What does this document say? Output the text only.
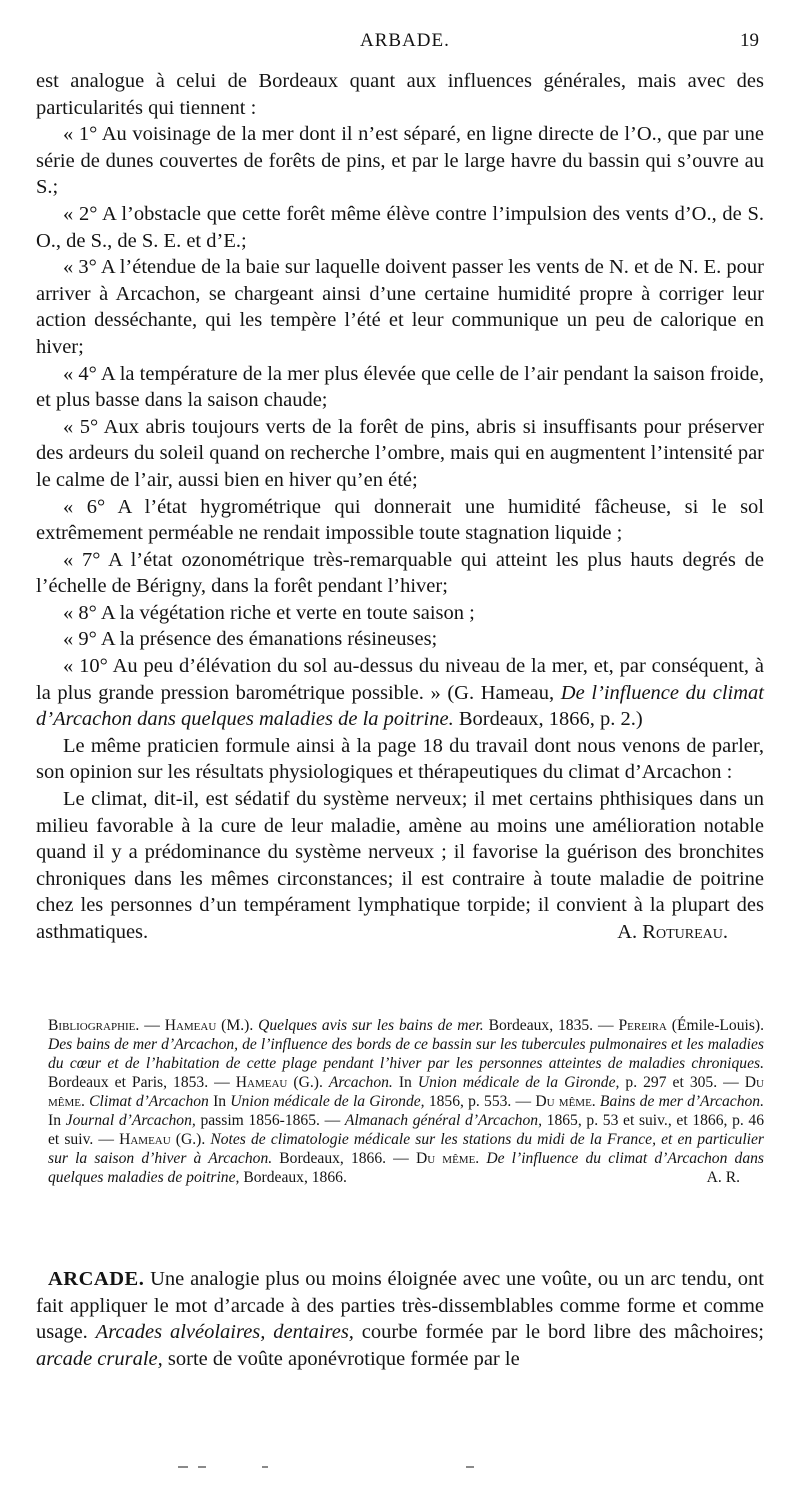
ARBADE.	19

est analogue à celui de Bordeaux quant aux influences générales, mais avec des particularités qui tiennent :

« 1° Au voisinage de la mer dont il n’est séparé, en ligne directe de l’O., que par une série de dunes couvertes de forêts de pins, et par le large havre du bassin qui s’ouvre au S.;

« 2° A l’obstacle que cette forêt même élève contre l’impulsion des vents d’O., de S. O., de S., de S. E. et d’E.;

« 3° A l’étendue de la baie sur laquelle doivent passer les vents de N. et de N. E. pour arriver à Arcachon, se chargeant ainsi d’une certaine humidité propre à corriger leur action desséchante, qui les tempère l’été et leur communique un peu de calorique en hiver;

« 4° A la température de la mer plus élevée que celle de l’air pendant la saison froide, et plus basse dans la saison chaude;

« 5° Aux abris toujours verts de la forêt de pins, abris si insuffisants pour préserver des ardeurs du soleil quand on recherche l’ombre, mais qui en augmentent l’intensité par le calme de l’air, aussi bien en hiver qu’en été;

« 6° A l’état hygrométrique qui donnerait une humidité fâcheuse, si le sol extrêmement perméable ne rendait impossible toute stagnation liquide ;

« 7° A l’état ozonométrique très-remarquable qui atteint les plus hauts degrés de l’échelle de Bérigny, dans la forêt pendant l’hiver;

« 8° A la végétation riche et verte en toute saison ;

« 9° A la présence des émanations résineuses;

« 10° Au peu d’élévation du sol au-dessus du niveau de la mer, et, par conséquent, à la plus grande pression barométrique possible. » (G. Hameau, De l’influence du climat d’Arcachon dans quelques maladies de la poitrine. Bordeaux, 1866, p. 2.)

Le même praticien formule ainsi à la page 18 du travail dont nous venons de parler, son opinion sur les résultats physiologiques et thérapeutiques du climat d’Arcachon :

Le climat, dit-il, est sédatif du système nerveux; il met certains phthisiques dans un milieu favorable à la cure de leur maladie, amène au moins une amélioration notable quand il y a prédominance du système nerveux ; il favorise la guérison des bronchites chroniques dans les mêmes circonstances; il est contraire à toute maladie de poitrine chez les personnes d’un tempérament lymphatique torpide; il convient à la plupart des asthmatiques.	A. Rotureau.

Bibliographie. — Hameau (M.). Quelques avis sur les bains de mer. Bordeaux, 1835. — Pereira (Émile-Louis). Des bains de mer d’Arcachon, de l’influence des bords de ce bassin sur les tubercules pulmonaires et les maladies du cœur et de l’habitation de cette plage pendant l’hiver par les personnes atteintes de maladies chroniques. Bordeaux et Paris, 1853. — Hameau (G.). Arcachon. In Union médicale de la Gironde, p. 297 et 305. — Du même. Climat d’Arcachon In Union médicale de la Gironde, 1856, p. 553. — Du même. Bains de mer d’Arcachon. In Journal d’Arcachon, passim 1856-1865. — Almanach général d’Arcachon, 1865, p. 53 et suiv., et 1866, p. 46 et suiv. — Hameau (G.). Notes de climatologie médicale sur les stations du midi de la France, et en particulier sur la saison d’hiver à Arcachon. Bordeaux, 1866. — Du même. De l’influence du climat d’Arcachon dans quelques maladies de poitrine, Bordeaux, 1866.	A. R.

ARCADE. Une analogie plus ou moins éloignée avec une voûte, ou un arc tendu, ont fait appliquer le mot d’arcade à des parties très-dissemblables comme forme et comme usage. Arcades alvéolaires, dentaires, courbe formée par le bord libre des mâchoires; arcade crurale, sorte de voûte aponévrotique formée par le
